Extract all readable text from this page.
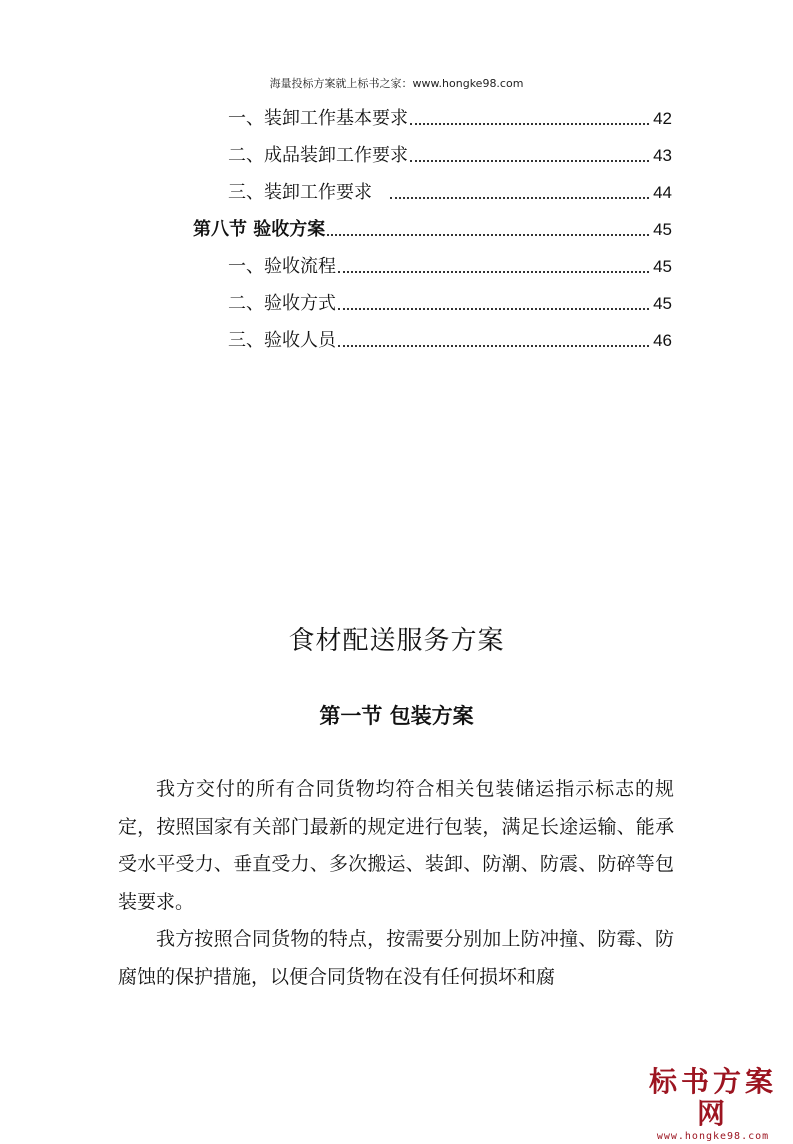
海量投标方案就上标书之家：www.hongke98.com
一、装卸工作基本要求	42
二、成品装卸工作要求	43
三、装卸工作要求	44
第八节 验收方案	45
一、验收流程	45
二、验收方式	45
三、验收人员	46
食材配送服务方案
第一节 包装方案

我方交付的所有合同货物均符合相关包装储运指示标志的规定，按照国家有关部门最新的规定进行包装，满足长途运输、能承受水平受力、垂直受力、多次搬运、装卸、防潮、防震、防碎等包装要求。

我方按照合同货物的特点，按需要分别加上防冲撞、防霉、防腐蚀的保护措施，以便合同货物在没有任何损坏和腐

标书方案网
www.hongke98.com
